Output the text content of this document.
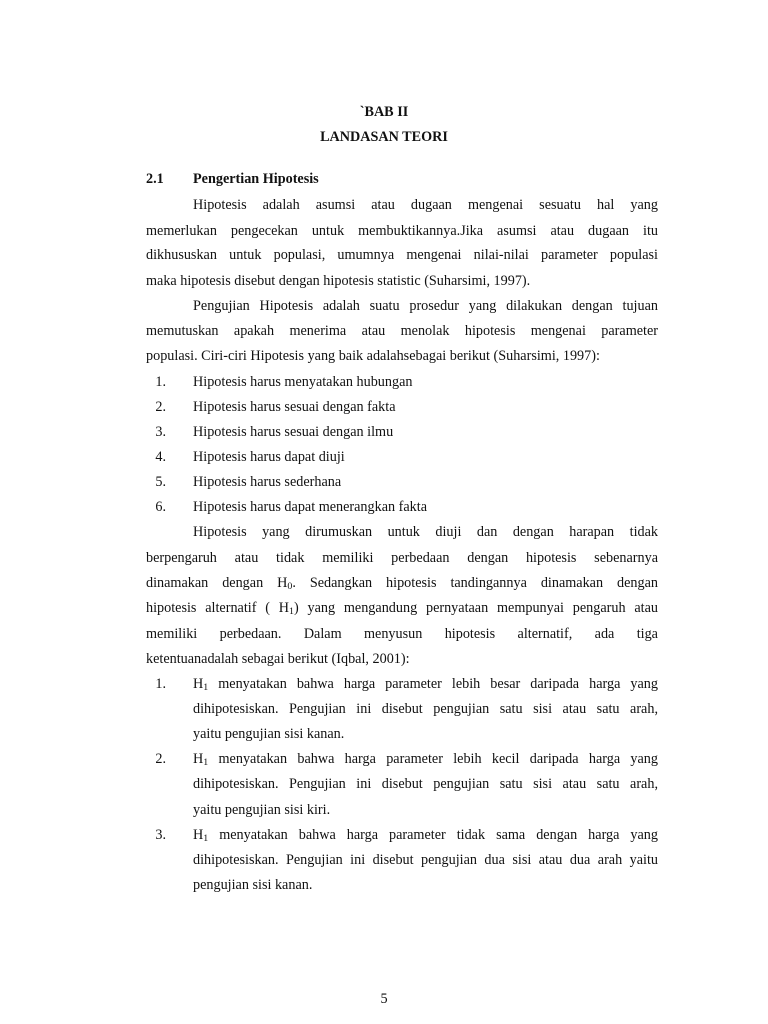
`BAB II
LANDASAN TEORI
2.1 Pengertian Hipotesis
Hipotesis adalah asumsi atau dugaan mengenai sesuatu hal yang
memerlukan pengecekan untuk membuktikannya.Jika asumsi atau dugaan itu
dikhususkan untuk populasi, umumnya mengenai nilai-nilai parameter populasi
maka hipotesis disebut dengan hipotesis statistic (Suharsimi, 1997).
Pengujian Hipotesis adalah suatu prosedur yang dilakukan dengan tujuan
memutuskan apakah menerima atau menolak hipotesis mengenai parameter
populasi. Ciri-ciri Hipotesis yang baik adalahsebagai berikut (Suharsimi, 1997):
1. Hipotesis harus menyatakan hubungan
2. Hipotesis harus sesuai dengan fakta
3. Hipotesis harus sesuai dengan ilmu
4. Hipotesis harus dapat diuji
5. Hipotesis harus sederhana
6. Hipotesis harus dapat menerangkan fakta
Hipotesis yang dirumuskan untuk diuji dan dengan harapan tidak
berpengaruh atau tidak memiliki perbedaan dengan hipotesis sebenarnya
dinamakan dengan $H_0$. Sedangkan hipotesis tandingannya dinamakan dengan
hipotesis alternatif ( $H_1$) yang mengandung pernyataan mempunyai pengaruh atau
memiliki perbedaan. Dalam menyusun hipotesis alternatif, ada tiga
ketentuanadalah sebagai berikut (Iqbal, 2001):
1. $H_1$ menyatakan bahwa harga parameter lebih besar daripada harga yang
dihipotesiskan. Pengujian ini disebut pengujian satu sisi atau satu arah,
yaitu pengujian sisi kanan.
2. $H_1$ menyatakan bahwa harga parameter lebih kecil daripada harga yang
dihipotesiskan. Pengujian ini disebut pengujian satu sisi atau satu arah,
yaitu pengujian sisi kiri.
3. $H_1$ menyatakan bahwa harga parameter tidak sama dengan harga yang
dihipotesiskan. Pengujian ini disebut pengujian dua sisi atau dua arah yaitu
pengujian sisi kanan.
5
